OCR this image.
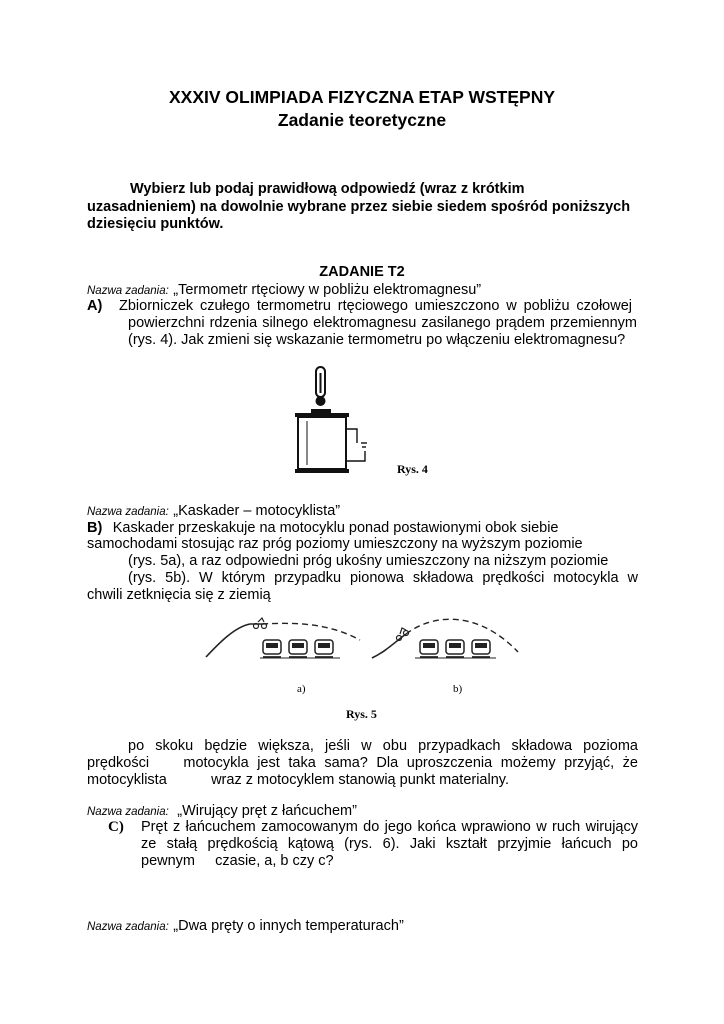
XXXIV OLIMPIADA FIZYCZNA ETAP WSTĘPNY
Zadanie teoretyczne
Wybierz lub podaj prawidłową odpowiedź (wraz z krótkim
uzasadnieniem) na dowolnie wybrane przez siebie siedem spośród poniższych
dziesięciu punktów.
ZADANIE T2
Nazwa zadania: „Termometr rtęciowy w pobliżu elektromagnesu”
A) Zbiorniczek czułego termometru rtęciowego umieszczono w pobliżu czołowej
powierzchni rdzenia silnego elektromagnesu zasilanego prądem przemiennym
(rys. 4). Jak zmieni się wskazanie termometru po włączeniu elektromagnesu?
Rys. 4
Nazwa zadania: „Kaskader – motocyklista”
B) Kaskader przeskakuje na motocyklu ponad postawionymi obok siebie
samochodami stosując raz próg poziomy umieszczony na wyższym poziomie
(rys. 5a), a raz odpowiedni próg ukośny umieszczony na niższym poziomie
(rys. 5b). W którym przypadku pionowa składowa prędkości motocykla w
chwili zetknięcia się z ziemią
a)	b)
Rys. 5
po skoku będzie większa, jeśli w obu przypadkach składowa pozioma
prędkości    motocykla jest taka sama? Dla uproszczenia możemy przyjąć, że
motocyklista           wraz z motocyklem stanowią punkt materialny.
Nazwa zadania: „Wirujący pręt z łańcuchem”
C) Pręt z łańcuchem zamocowanym do jego końca wprawiono w ruch wirujący
ze stałą prędkością kątową (rys. 6). Jaki kształt przyjmie łańcuch po
pewnym     czasie, a, b czy c?
Nazwa zadania: „Dwa pręty o innych temperaturach”
